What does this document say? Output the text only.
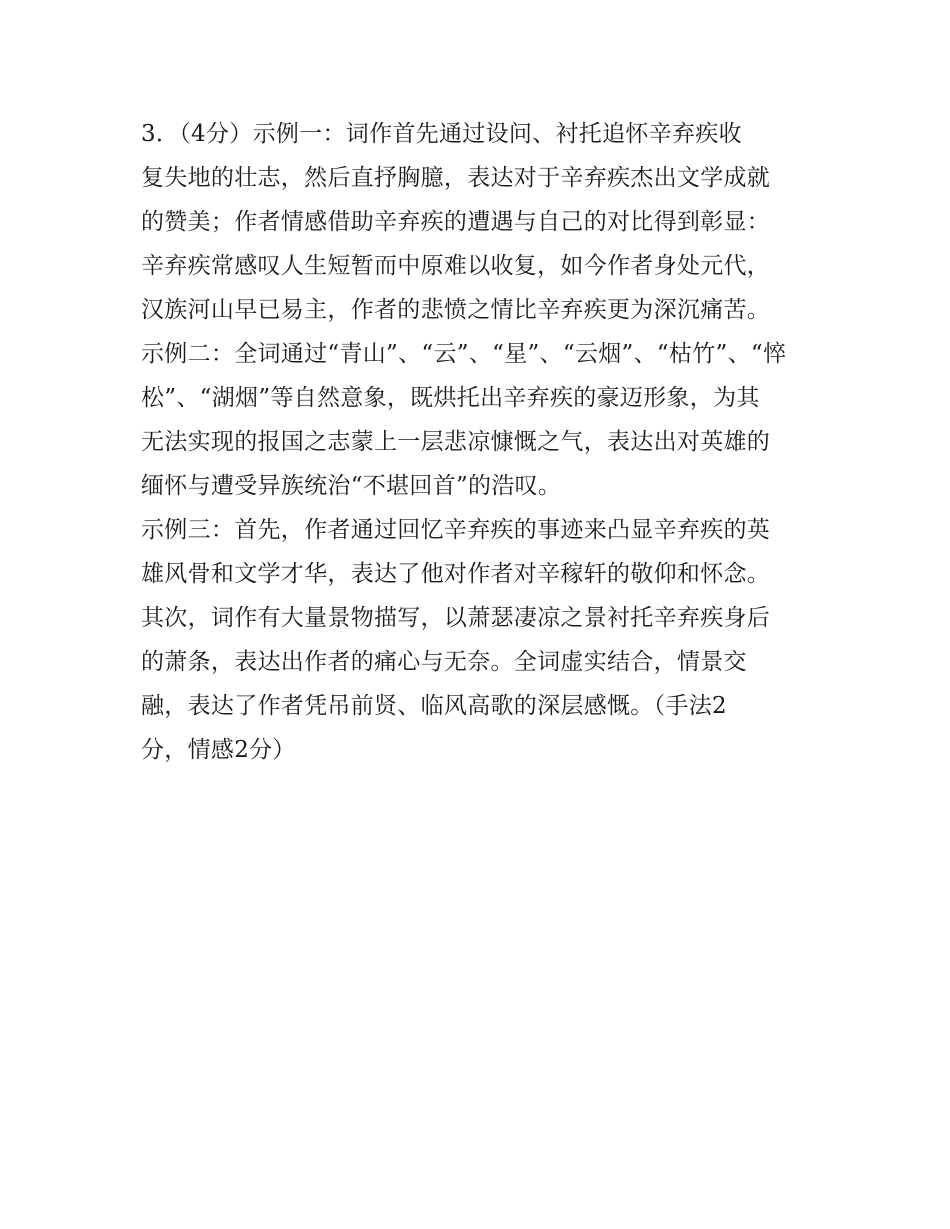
3．（4分）示例一：词作首先通过设问、衬托追怀辛弃疾收
复失地的壮志，然后直抒胸臆，表达对于辛弃疾杰出文学成就
的赞美；作者情感借助辛弃疾的遭遇与自己的对比得到彰显：
辛弃疾常感叹人生短暂而中原难以收复，如今作者身处元代，
汉族河山早已易主，作者的悲愤之情比辛弃疾更为深沉痛苦。
示例二：全词通过“青山”、“云”、“星”、“云烟”、“枯竹”、“悴
松”、“湖烟”等自然意象，既烘托出辛弃疾的豪迈形象，为其
无法实现的报国之志蒙上一层悲凉慷慨之气，表达出对英雄的
缅怀与遭受异族统治“不堪回首”的浩叹。
示例三：首先，作者通过回忆辛弃疾的事迹来凸显辛弃疾的英
雄风骨和文学才华，表达了他对作者对辛稼轩的敬仰和怀念。
其次，词作有大量景物描写，以萧瑟凄凉之景衬托辛弃疾身后
的萧条，表达出作者的痛心与无奈。全词虚实结合，情景交
融，表达了作者凭吊前贤、临风高歌的深层感慨。（手法2
分，情感2分）
